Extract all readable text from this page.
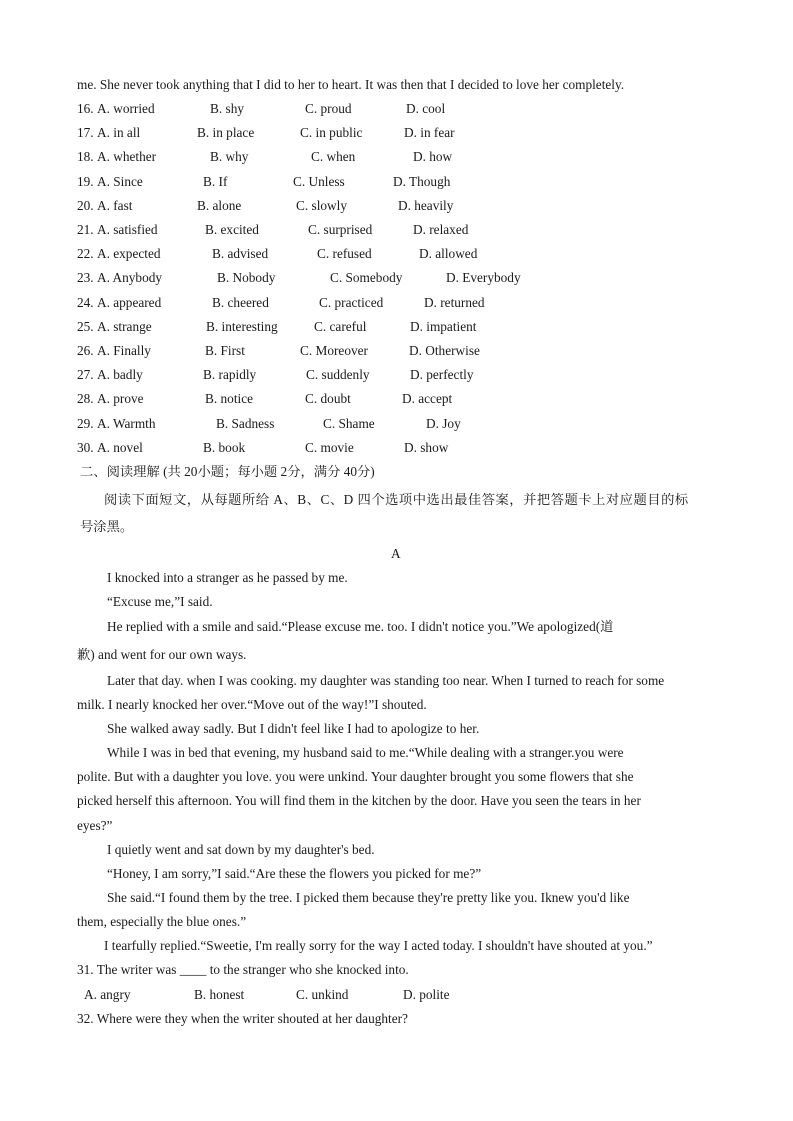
me. She never took anything that I did to her to heart. It was then that I decided to love her completely.
16. A. worried	B. shy	C. proud	D. cool
17. A. in all	B. in place	C. in public	D. in fear
18. A. whether	B. why	C. when	D. how
19. A. Since	B. If	C. Unless	D. Though
20. A. fast	B. alone	C. slowly	D. heavily
21. A. satisfied	B. excited	C. surprised	D. relaxed
22. A. expected	B. advised	C. refused	D. allowed
23. A. Anybody	B. Nobody	C. Somebody	D. Everybody
24. A. appeared	B. cheered	C. practiced	D. returned
25. A. strange	B. interesting	C. careful	D. impatient
26. A. Finally	B. First	C. Moreover	D. Otherwise
27. A. badly	B. rapidly	C. suddenly	D. perfectly
28. A. prove	B. notice	C. doubt	D. accept
29. A. Warmth	B. Sadness	C. Shame	D. Joy
30. A. novel	B. book	C. movie	D. show
二、阅读理解 (共 20小题；每小题 2分，满分 40分)
阅读下面短文，从每题所给 A、B、C、D 四个选项中选出最佳答案，并把答题卡上对应题目的标
号涂黑。
A
I knocked into a stranger as he passed by me.
“Excuse me,”I said.
He replied with a smile and said.“Please excuse me. too. I didn't notice you.”We apologized(道
歉) and went for our own ways.
Later that day. when I was cooking. my daughter was standing too near. When I turned to reach for some
milk. I nearly knocked her over.“Move out of the way!”I shouted.
She walked away sadly. But I didn't feel like I had to apologize to her.
While I was in bed that evening, my husband said to me.“While dealing with a stranger.you were
polite. But with a daughter you love. you were unkind. Your daughter brought you some flowers that she
picked herself this afternoon. You will find them in the kitchen by the door. Have you seen the tears in her
eyes?”
I quietly went and sat down by my daughter's bed.
“Honey, I am sorry,”I said.“Are these the flowers you picked for me?”
She said.“I found them by the tree. I picked them because they're pretty like you. Iknew you'd like
them, especially the blue ones.”
I tearfully replied.“Sweetie, I'm really sorry for the way I acted today. I shouldn't have shouted at you.”
31. The writer was ____ to the stranger who she knocked into.
A. angry	B. honest	C. unkind	D. polite
32. Where were they when the writer shouted at her daughter?
